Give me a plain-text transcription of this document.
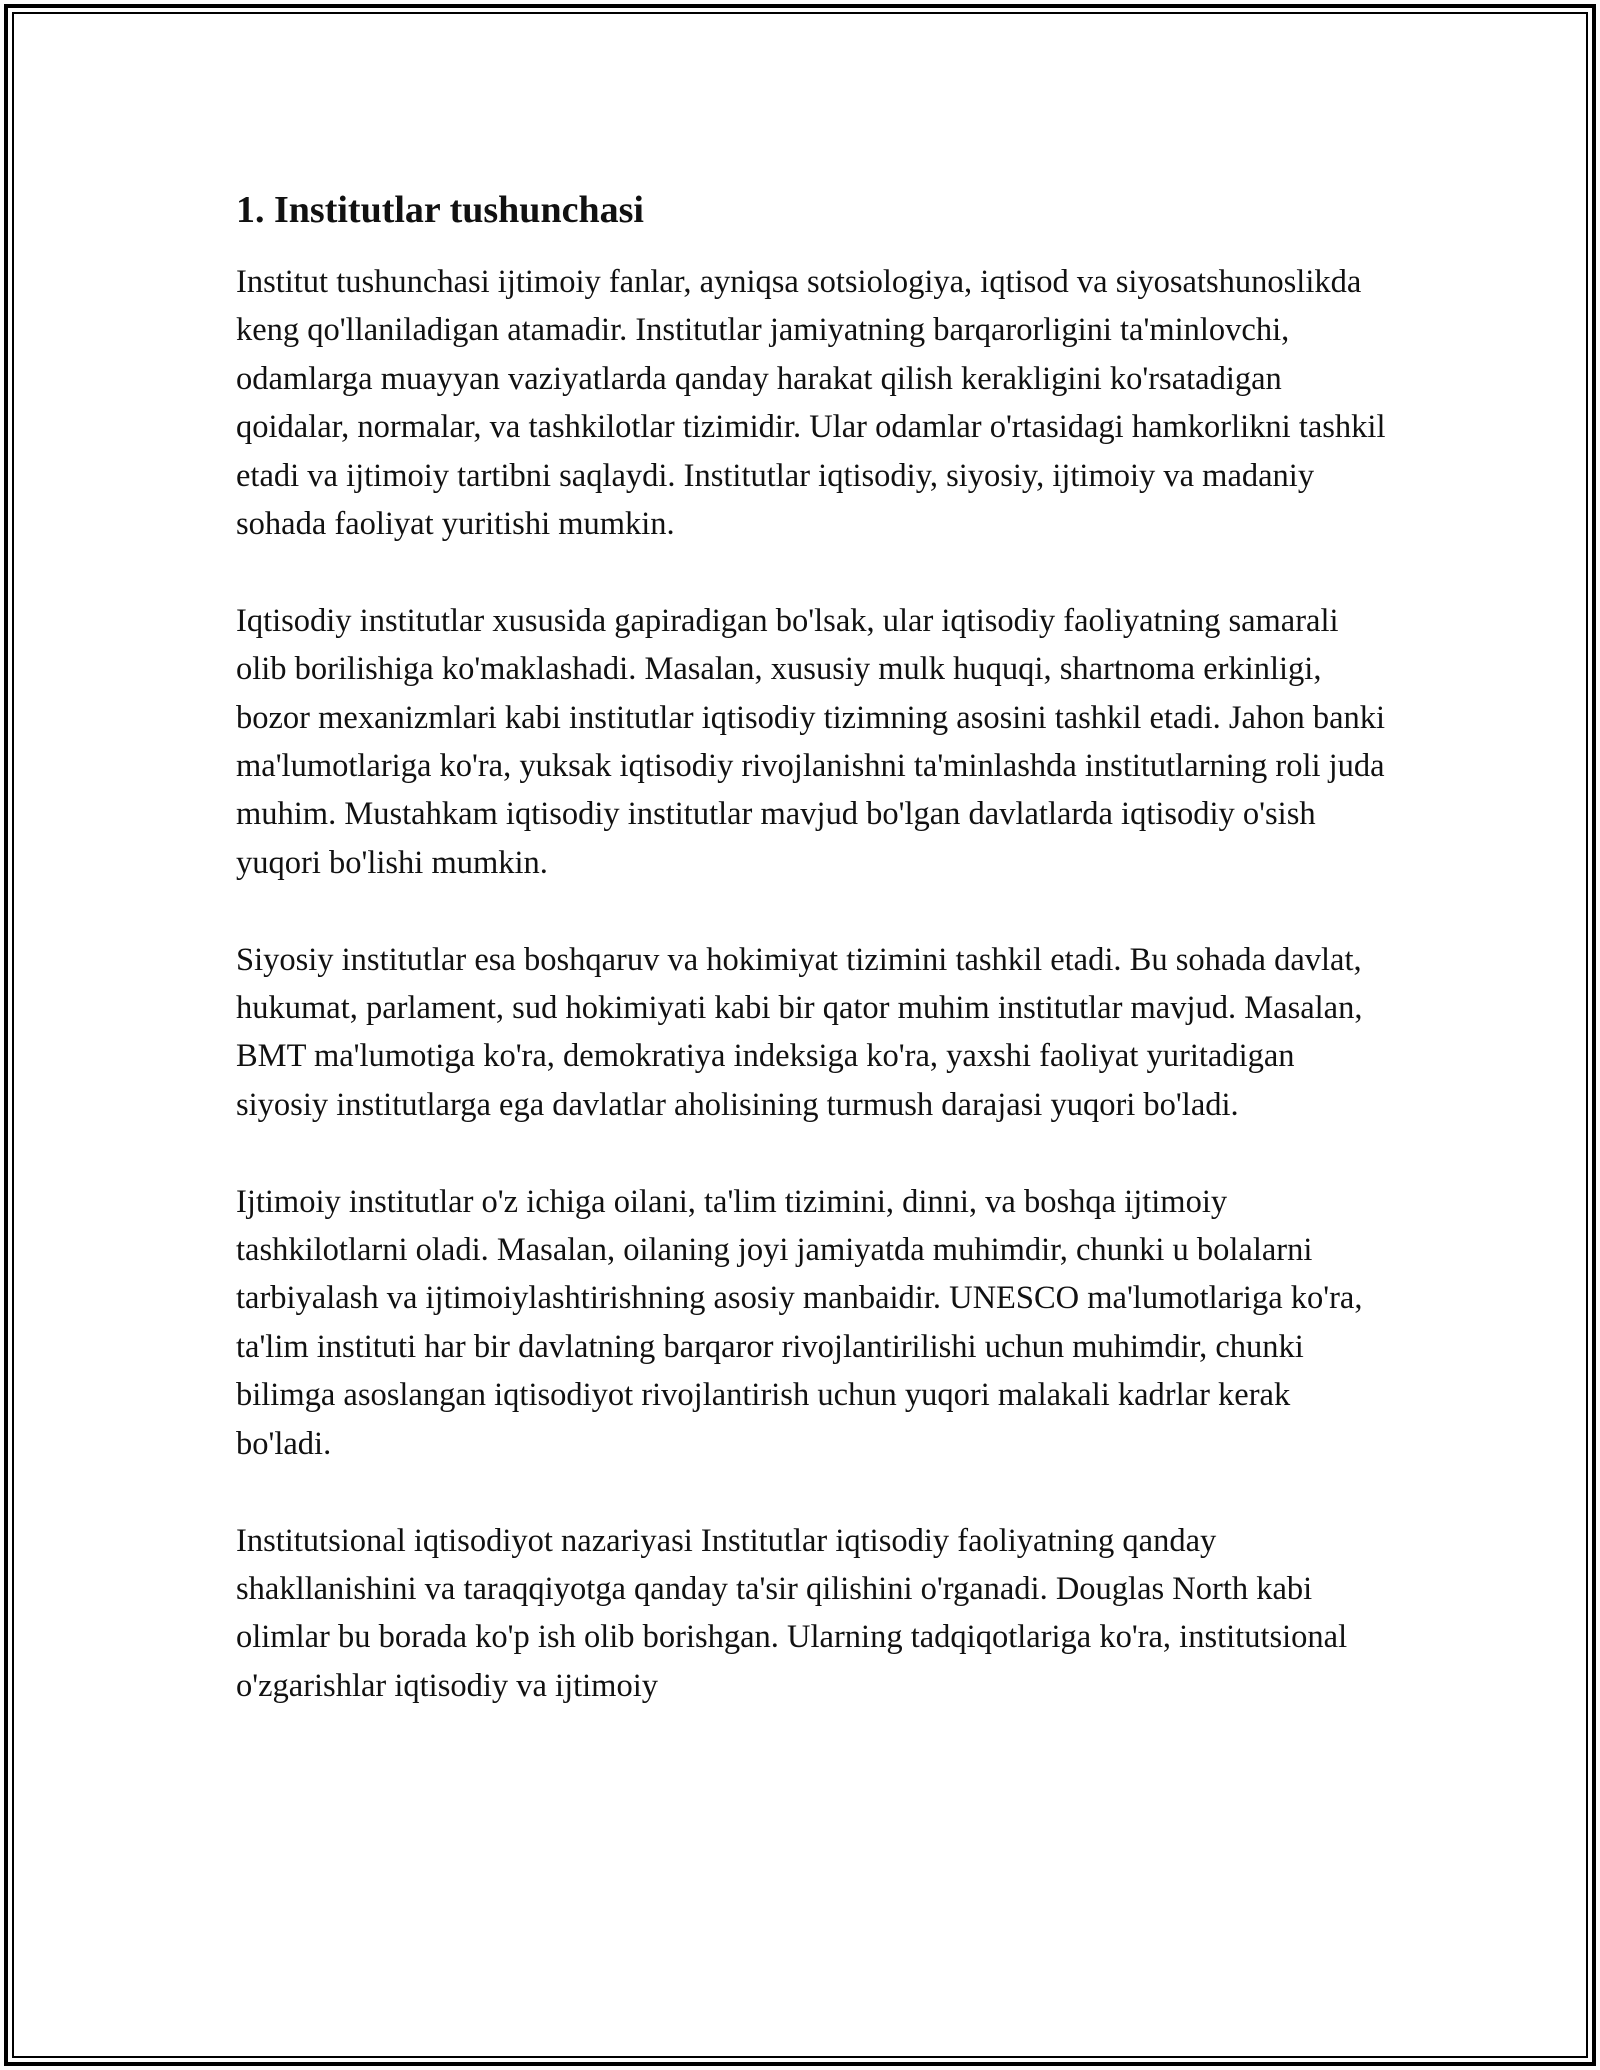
1. Institutlar tushunchasi

Institut tushunchasi ijtimoiy fanlar, ayniqsa sotsiologiya, iqtisod va siyosatshunoslikda keng qo'llaniladigan atamadir. Institutlar jamiyatning barqarorligini ta'minlovchi, odamlarga muayyan vaziyatlarda qanday harakat qilish kerakligini ko'rsatadigan qoidalar, normalar, va tashkilotlar tizimidir. Ular odamlar o'rtasidagi hamkorlikni tashkil etadi va ijtimoiy tartibni saqlaydi. Institutlar iqtisodiy, siyosiy, ijtimoiy va madaniy sohada faoliyat yuritishi mumkin.

Iqtisodiy institutlar xususida gapiradigan bo'lsak, ular iqtisodiy faoliyatning samarali olib borilishiga ko'maklashadi. Masalan, xususiy mulk huquqi, shartnoma erkinligi, bozor mexanizmlari kabi institutlar iqtisodiy tizimning asosini tashkil etadi. Jahon banki ma'lumotlariga ko'ra, yuksak iqtisodiy rivojlanishni ta'minlashda institutlarning roli juda muhim. Mustahkam iqtisodiy institutlar mavjud bo'lgan davlatlarda iqtisodiy o'sish yuqori bo'lishi mumkin.

Siyosiy institutlar esa boshqaruv va hokimiyat tizimini tashkil etadi. Bu sohada davlat, hukumat, parlament, sud hokimiyati kabi bir qator muhim institutlar mavjud. Masalan, BMT ma'lumotiga ko'ra, demokratiya indeksiga ko'ra, yaxshi faoliyat yuritadigan siyosiy institutlarga ega davlatlar aholisining turmush darajasi yuqori bo'ladi.

Ijtimoiy institutlar o'z ichiga oilani, ta'lim tizimini, dinni, va boshqa ijtimoiy tashkilotlarni oladi. Masalan, oilaning joyi jamiyatda muhimdir, chunki u bolalarni tarbiyalash va ijtimoiylashtirishning asosiy manbaidir. UNESCO ma'lumotlariga ko'ra, ta'lim instituti har bir davlatning barqaror rivojlantirilishi uchun muhimdir, chunki bilimga asoslangan iqtisodiyot rivojlantirish uchun yuqori malakali kadrlar kerak bo'ladi.

Institutsional iqtisodiyot nazariyasi Institutlar iqtisodiy faoliyatning qanday shakllanishini va taraqqiyotga qanday ta'sir qilishini o'rganadi. Douglas North kabi olimlar bu borada ko'p ish olib borishgan. Ularning tadqiqotlariga ko'ra, institutsional o'zgarishlar iqtisodiy va ijtimoiy
